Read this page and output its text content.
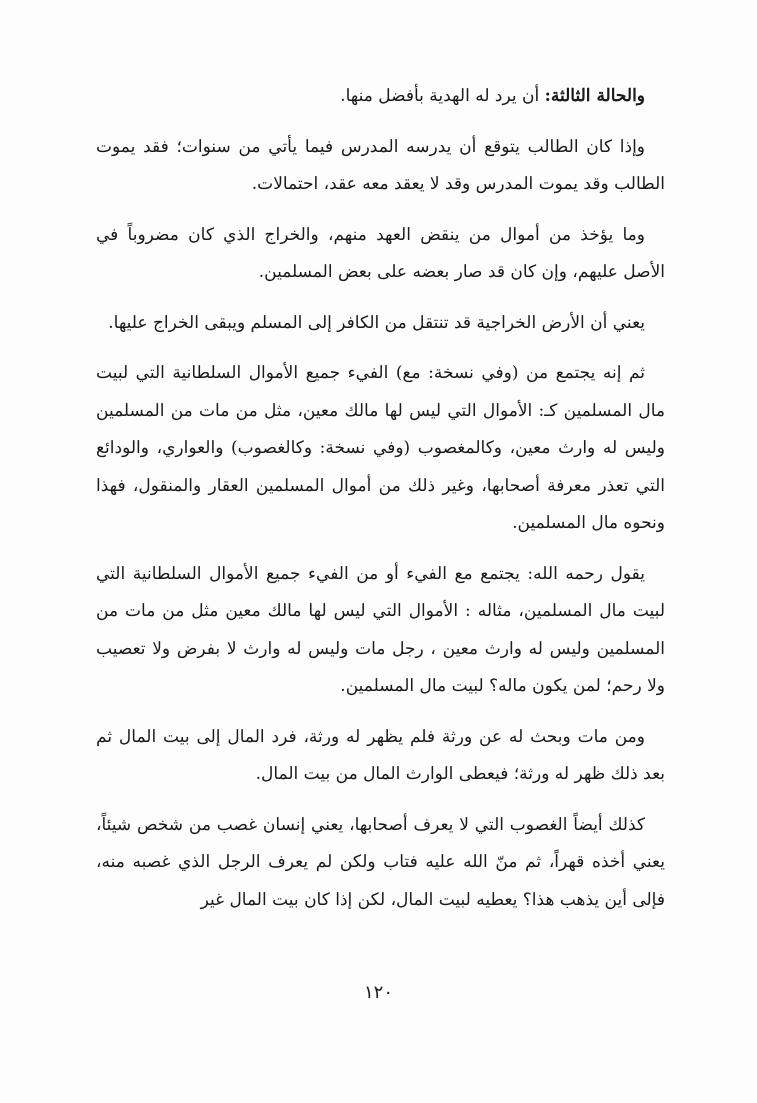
والحالة الثالثة: أن يرد له الهدية بأفضل منها.

وإذا كان الطالب يتوقع أن يدرسه المدرس فيما يأتي من سنوات؛ فقد يموت الطالب وقد يموت المدرس وقد لا يعقد معه عقد، احتمالات.

وما يؤخذ من أموال من ينقض العهد منهم، والخراج الذي كان مضروباً في الأصل عليهم، وإن كان قد صار بعضه على بعض المسلمين.

يعني أن الأرض الخراجية قد تنتقل من الكافر إلى المسلم ويبقى الخراج عليها.

ثم إنه يجتمع من (وفي نسخة: مع) الفيء جميع الأموال السلطانية التي لبيت مال المسلمين كـ: الأموال التي ليس لها مالك معين، مثل من مات من المسلمين وليس له وارث معين، وكالمغصوب (وفي نسخة: وكالغصوب) والعواري، والودائع التي تعذر معرفة أصحابها، وغير ذلك من أموال المسلمين العقار والمنقول، فهذا ونحوه مال المسلمين.

يقول رحمه الله: يجتمع مع الفيء أو من الفيء جميع الأموال السلطانية التي لبيت مال المسلمين، مثاله : الأموال التي ليس لها مالك معين مثل من مات من المسلمين وليس له وارث معين ، رجل مات وليس له وارث لا بفرض ولا تعصيب ولا رحم؛ لمن يكون ماله؟ لبيت مال المسلمين.

ومن مات وبحث له عن ورثة فلم يظهر له ورثة، فرد المال إلى بيت المال ثم بعد ذلك ظهر له ورثة؛ فيعطى الوارث المال من بيت المال.

كذلك أيضاً الغصوب التي لا يعرف أصحابها، يعني إنسان غصب من شخص شيئاً، يعني أخذه قهراً، ثم منّ الله عليه فتاب ولكن لم يعرف الرجل الذي غصبه منه، فإلى أين يذهب هذا؟ يعطيه لبيت المال، لكن إذا كان بيت المال غير

١٢٠
